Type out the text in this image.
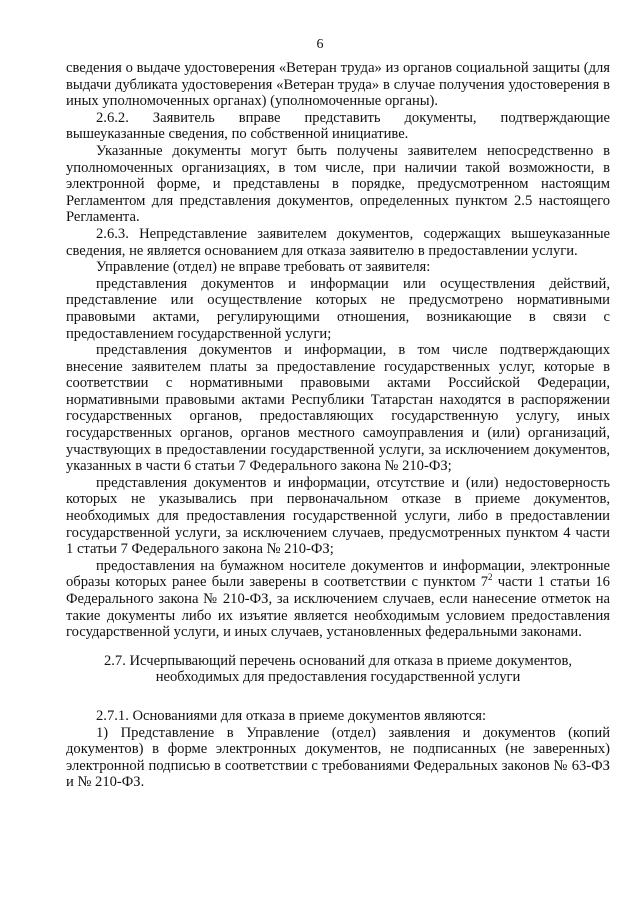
6

сведения о выдаче удостоверения «Ветеран труда» из органов социальной защиты (для выдачи дубликата удостоверения «Ветеран труда» в случае получения удостоверения в иных уполномоченных органах) (уполномоченные органы).

2.6.2. Заявитель вправе представить документы, подтверждающие вышеуказанные сведения, по собственной инициативе.

Указанные документы могут быть получены заявителем непосредственно в уполномоченных организациях, в том числе, при наличии такой возможности, в электронной форме, и представлены в порядке, предусмотренном настоящим Регламентом для представления документов, определенных пунктом 2.5 настоящего Регламента.

2.6.3. Непредставление заявителем документов, содержащих вышеуказанные сведения, не является основанием для отказа заявителю в предоставлении услуги.

Управление (отдел) не вправе требовать от заявителя:

представления документов и информации или осуществления действий, представление или осуществление которых не предусмотрено нормативными правовыми актами, регулирующими отношения, возникающие в связи с предоставлением государственной услуги;

представления документов и информации, в том числе подтверждающих внесение заявителем платы за предоставление государственных услуг, которые в соответствии с нормативными правовыми актами Российской Федерации, нормативными правовыми актами Республики Татарстан находятся в распоряжении государственных органов, предоставляющих государственную услугу, иных государственных органов, органов местного самоуправления и (или) организаций, участвующих в предоставлении государственной услуги, за исключением документов, указанных в части 6 статьи 7 Федерального закона № 210-ФЗ;

представления документов и информации, отсутствие и (или) недостоверность которых не указывались при первоначальном отказе в приеме документов, необходимых для предоставления государственной услуги, либо в предоставлении государственной услуги, за исключением случаев, предусмотренных пунктом 4 части 1 статьи 7 Федерального закона № 210-ФЗ;

предоставления на бумажном носителе документов и информации, электронные образы которых ранее были заверены в соответствии с пунктом $7^2$ части 1 статьи 16 Федерального закона № 210-ФЗ, за исключением случаев, если нанесение отметок на такие документы либо их изъятие является необходимым условием предоставления государственной услуги, и иных случаев, установленных федеральными законами.

2.7. Исчерпывающий перечень оснований для отказа в приеме документов,
необходимых для предоставления государственной услуги

2.7.1. Основаниями для отказа в приеме документов являются:

1) Представление в Управление (отдел) заявления и документов (копий документов) в форме электронных документов, не подписанных (не заверенных) электронной подписью в соответствии с требованиями Федеральных законов № 63-ФЗ и № 210-ФЗ.
